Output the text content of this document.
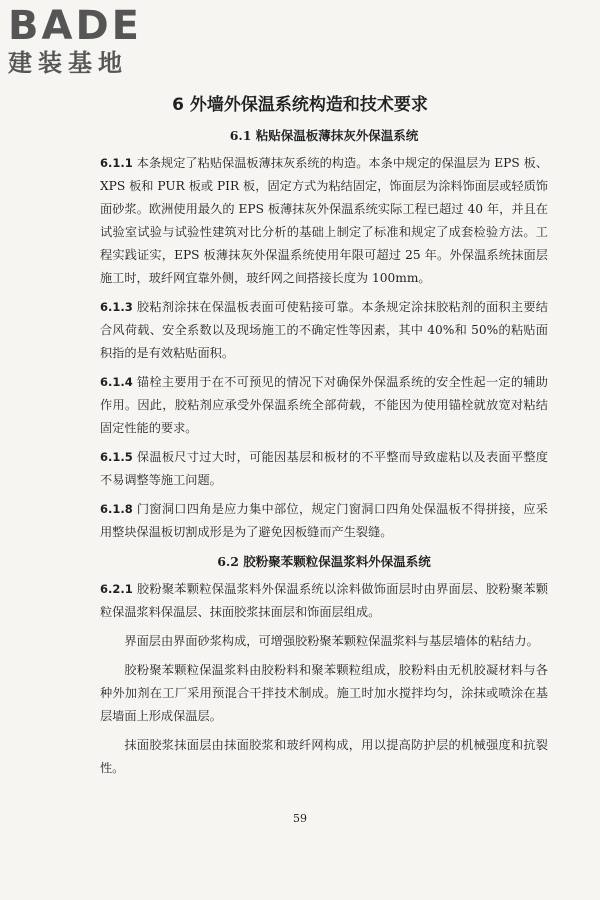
BADE
建装基地
6 外墙外保温系统构造和技术要求
6.1 粘贴保温板薄抹灰外保温系统

6.1.1 本条规定了粘贴保温板薄抹灰系统的构造。本条中规定的保温层为 EPS 板、XPS 板和 PUR 板或 PIR 板，固定方式为粘结固定，饰面层为涂料饰面层或轻质饰面砂浆。欧洲使用最久的 EPS 板薄抹灰外保温系统实际工程已超过 40 年，并且在试验室试验与试验性建筑对比分析的基础上制定了标准和规定了成套检验方法。工程实践证实，EPS 板薄抹灰外保温系统使用年限可超过 25 年。外保温系统抹面层施工时，玻纤网宜靠外侧，玻纤网之间搭接长度为 100mm。

6.1.3 胶粘剂涂抹在保温板表面可使粘接可靠。本条规定涂抹胶粘剂的面积主要结合风荷载、安全系数以及现场施工的不确定性等因素，其中 40%和 50%的粘贴面积指的是有效粘贴面积。

6.1.4 锚栓主要用于在不可预见的情况下对确保外保温系统的安全性起一定的辅助作用。因此，胶粘剂应承受外保温系统全部荷载，不能因为使用锚栓就放宽对粘结固定性能的要求。

6.1.5 保温板尺寸过大时，可能因基层和板材的不平整而导致虚粘以及表面平整度不易调整等施工问题。

6.1.8 门窗洞口四角是应力集中部位，规定门窗洞口四角处保温板不得拼接，应采用整块保温板切割成形是为了避免因板缝而产生裂缝。

6.2 胶粉聚苯颗粒保温浆料外保温系统

6.2.1 胶粉聚苯颗粒保温浆料外保温系统以涂料做饰面层时由界面层、胶粉聚苯颗粒保温浆料保温层、抹面胶浆抹面层和饰面层组成。

界面层由界面砂浆构成，可增强胶粉聚苯颗粒保温浆料与基层墙体的粘结力。

胶粉聚苯颗粒保温浆料由胶粉料和聚苯颗粒组成，胶粉料由无机胶凝材料与各种外加剂在工厂采用预混合干拌技术制成。施工时加水搅拌均匀，涂抹或喷涂在基层墙面上形成保温层。

抹面胶浆抹面层由抹面胶浆和玻纤网构成，用以提高防护层的机械强度和抗裂性。

59
